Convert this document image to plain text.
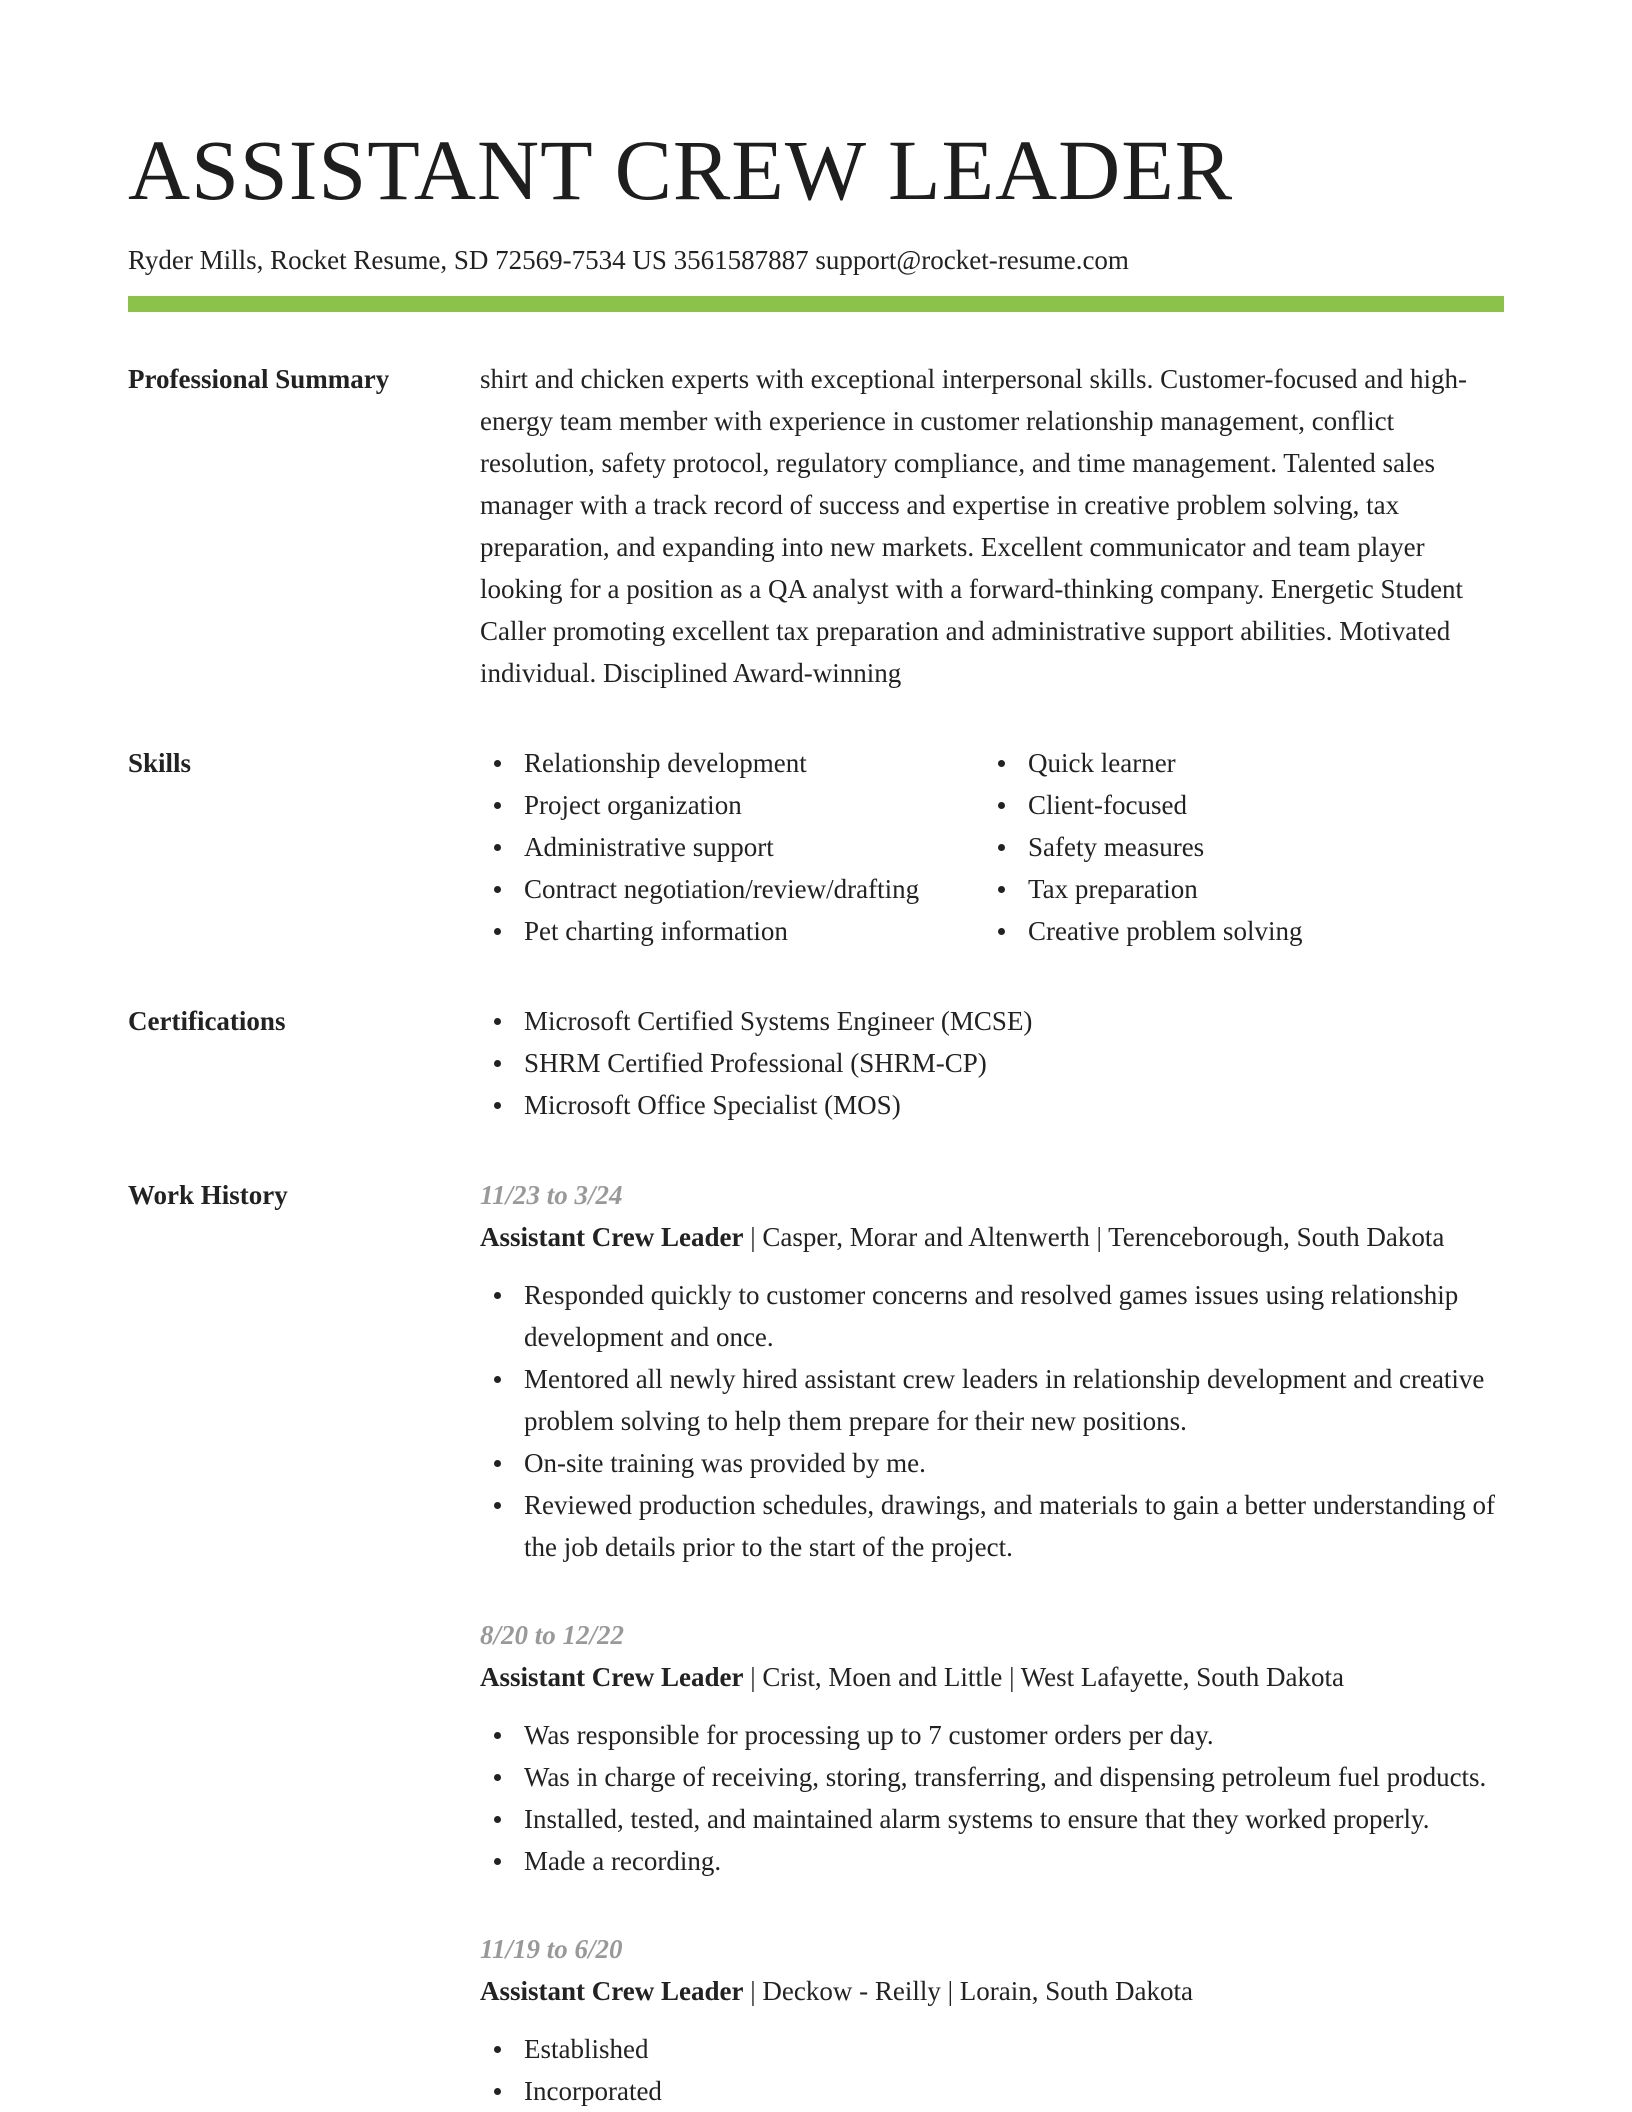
ASSISTANT CREW LEADER
Ryder Mills, Rocket Resume, SD 72569-7534 US 3561587887 support@rocket-resume.com
Professional Summary	shirt and chicken experts with exceptional interpersonal skills. Customer-focused and high-energy team member with experience in customer relationship management, conflict resolution, safety protocol, regulatory compliance, and time management. Talented sales manager with a track record of success and expertise in creative problem solving, tax preparation, and expanding into new markets. Excellent communicator and team player looking for a position as a QA analyst with a forward-thinking company. Energetic Student Caller promoting excellent tax preparation and administrative support abilities. Motivated individual. Disciplined Award-winning

Skills	Relationship development
Project organization
Administrative support
Contract negotiation/review/drafting
Pet charting information
Quick learner
Client-focused
Safety measures
Tax preparation
Creative problem solving
Certifications	Microsoft Certified Systems Engineer (MCSE)
SHRM Certified Professional (SHRM-CP)
Microsoft Office Specialist (MOS)
Work History	11/23 to 3/24
Assistant Crew Leader | Casper, Morar and Altenwerth | Terenceborough, South Dakota
Responded quickly to customer concerns and resolved games issues using relationship development and once.
Mentored all newly hired assistant crew leaders in relationship development and creative problem solving to help them prepare for their new positions.
On-site training was provided by me.
Reviewed production schedules, drawings, and materials to gain a better understanding of the job details prior to the start of the project.
8/20 to 12/22
Assistant Crew Leader | Crist, Moen and Little | West Lafayette, South Dakota
Was responsible for processing up to 7 customer orders per day.
Was in charge of receiving, storing, transferring, and dispensing petroleum fuel products.
Installed, tested, and maintained alarm systems to ensure that they worked properly.
Made a recording.
11/19 to 6/20
Assistant Crew Leader | Deckow - Reilly | Lorain, South Dakota
Established
Incorporated
